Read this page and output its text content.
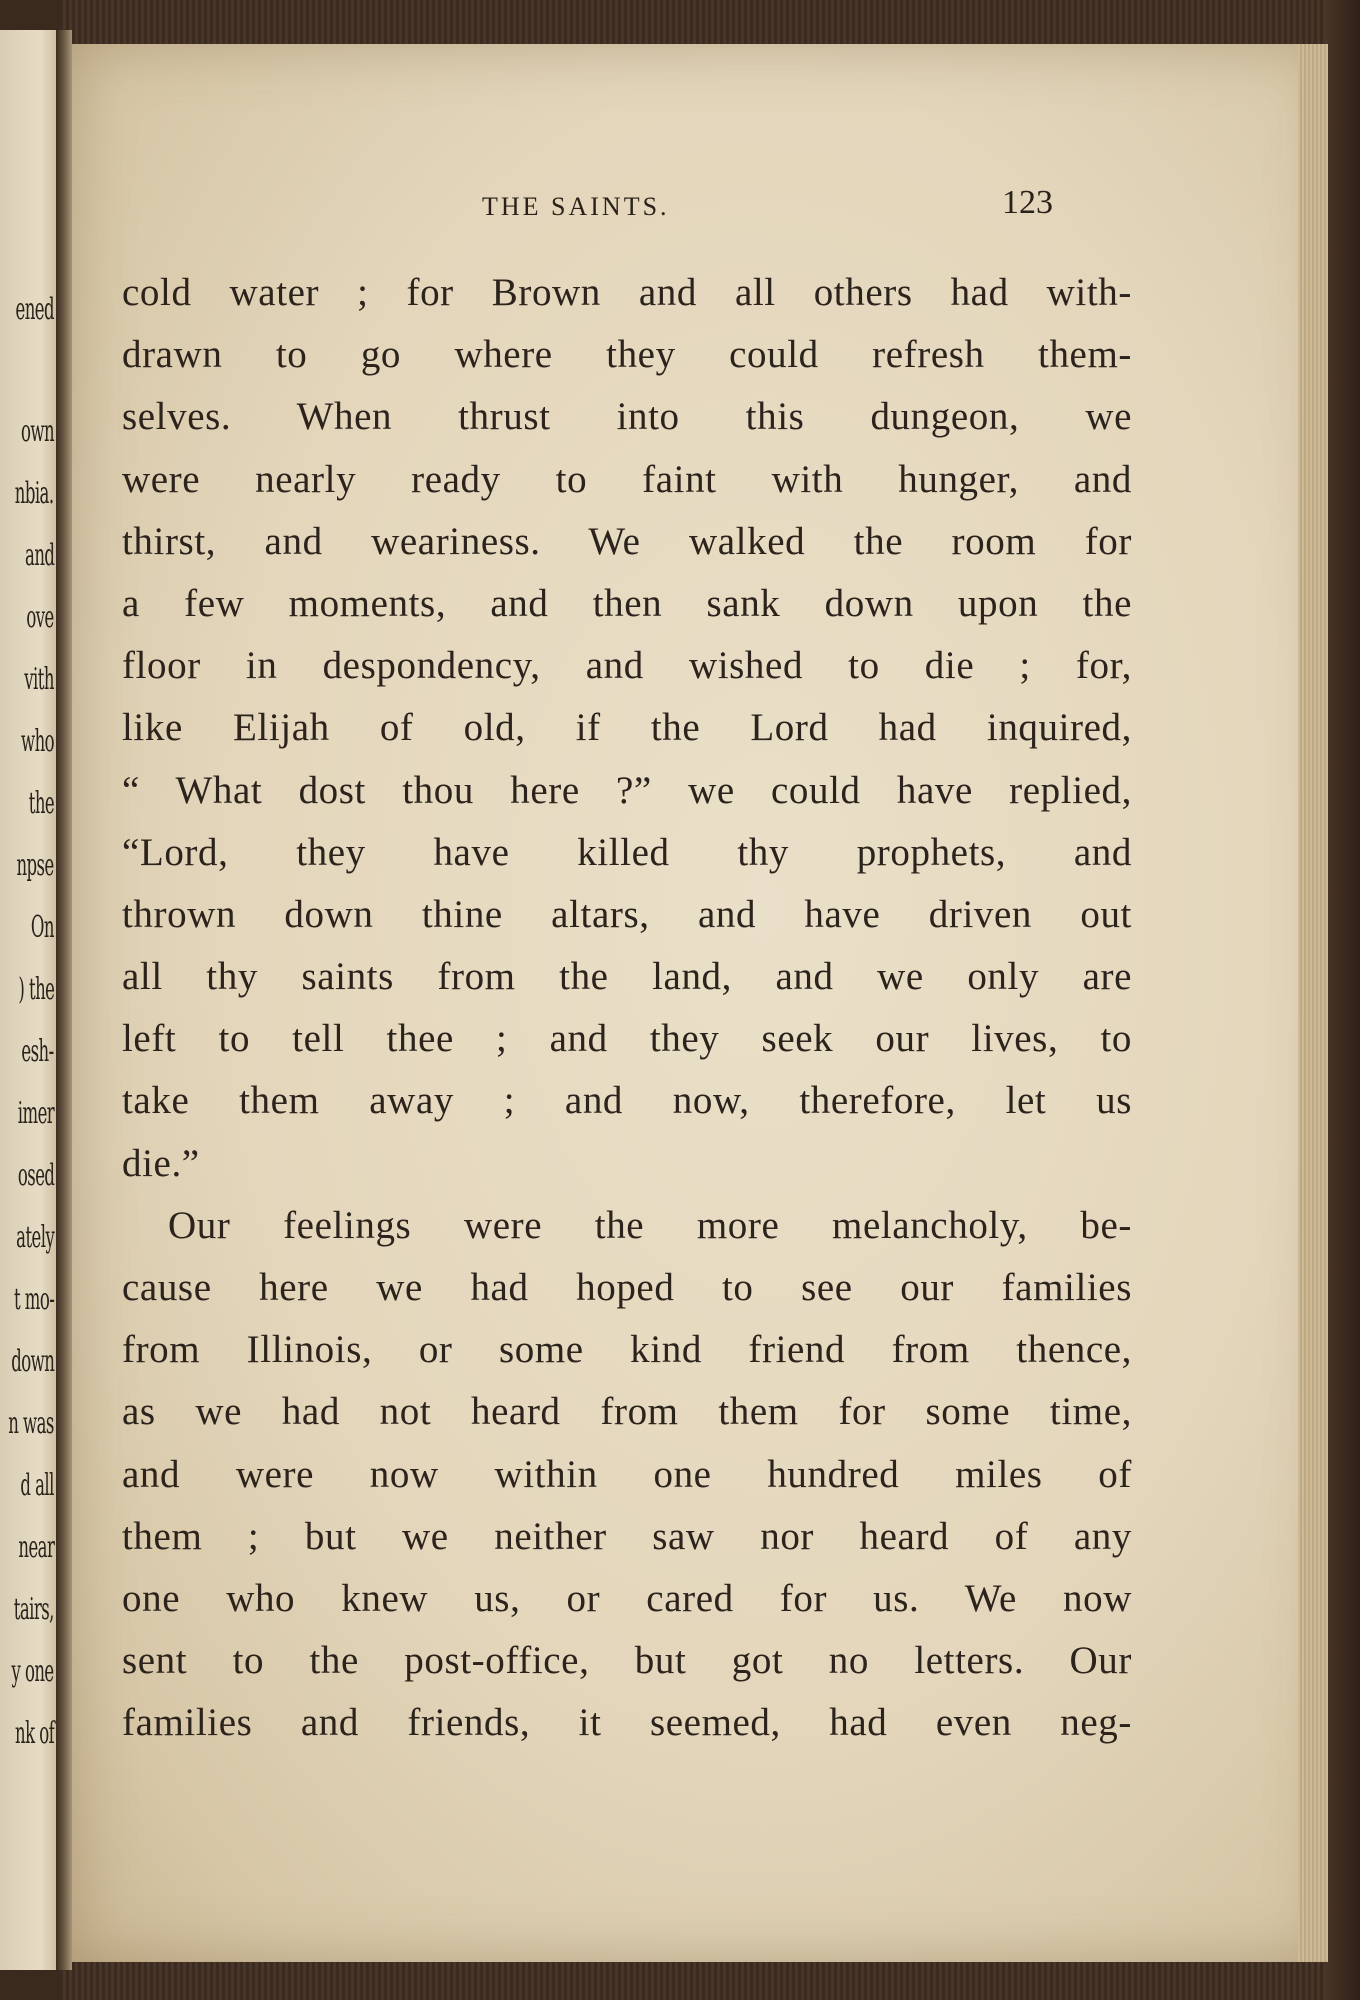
ened
own
nbia.
and
ove
vith
who
the
npse
On
) the
esh-
imer
osed
ately
t mo-
down
n was
d all
near
tairs,
y one
nk of
THE SAINTS.	123
cold water ; for Brown and all others had with-
drawn to go where they could refresh them-
selves. When thrust into this dungeon, we
were nearly ready to faint with hunger, and
thirst, and weariness. We walked the room for
a few moments, and then sank down upon the
floor in despondency, and wished to die ; for,
like Elijah of old, if the Lord had inquired,
“ What dost thou here ?” we could have replied,
“Lord, they have killed thy prophets, and
thrown down thine altars, and have driven out
all thy saints from the land, and we only are
left to tell thee ; and they seek our lives, to
take them away ; and now, therefore, let us
die.”
Our feelings were the more melancholy, be-
cause here we had hoped to see our families
from Illinois, or some kind friend from thence,
as we had not heard from them for some time,
and were now within one hundred miles of
them ; but we neither saw nor heard of any
one who knew us, or cared for us. We now
sent to the post-office, but got no letters. Our
families and friends, it seemed, had even neg-
